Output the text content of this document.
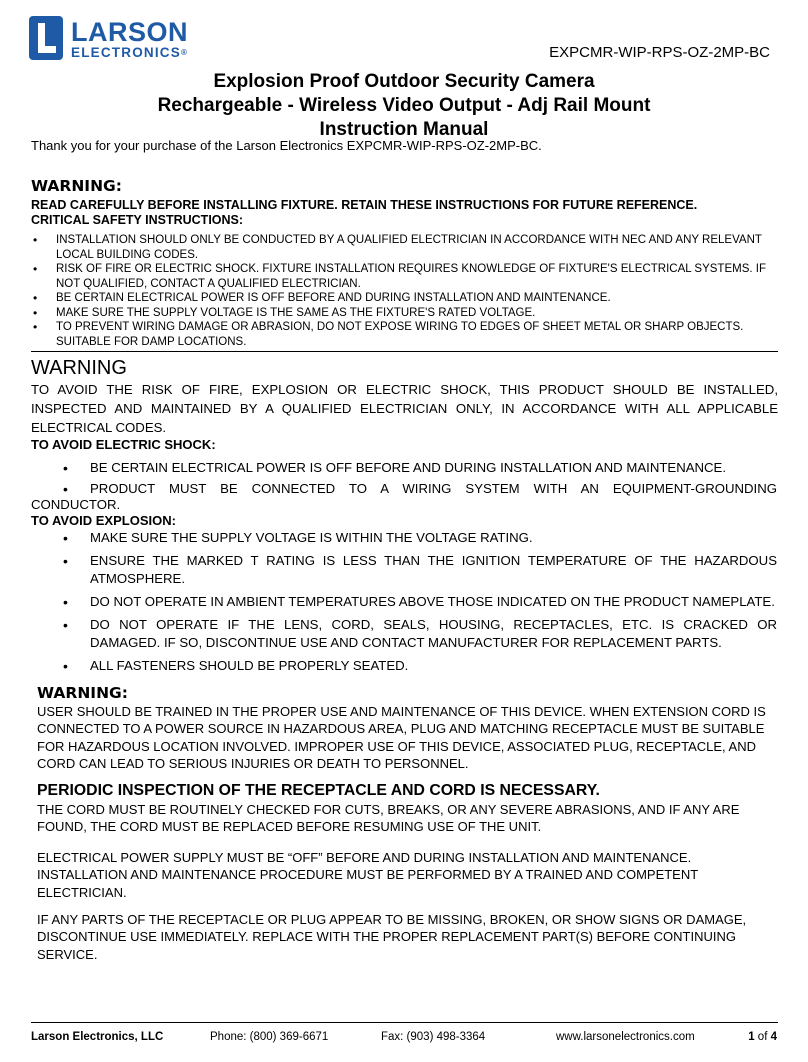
LARSON
ELECTRONICS®	EXPCMR-WIP-RPS-OZ-2MP-BC
Explosion Proof Outdoor Security Camera
Rechargeable - Wireless Video Output - Adj Rail Mount
Instruction Manual
Thank you for your purchase of the Larson Electronics EXPCMR-WIP-RPS-OZ-2MP-BC.
WARNING:
READ CAREFULLY BEFORE INSTALLING FIXTURE. RETAIN THESE INSTRUCTIONS FOR FUTURE REFERENCE.
CRITICAL SAFETY INSTRUCTIONS:
• INSTALLATION SHOULD ONLY BE CONDUCTED BY A QUALIFIED ELECTRICIAN IN ACCORDANCE WITH NEC AND ANY RELEVANT LOCAL BUILDING CODES.
• RISK OF FIRE OR ELECTRIC SHOCK. FIXTURE INSTALLATION REQUIRES KNOWLEDGE OF FIXTURE'S ELECTRICAL SYSTEMS. IF NOT QUALIFIED, CONTACT A QUALIFIED ELECTRICIAN.
• BE CERTAIN ELECTRICAL POWER IS OFF BEFORE AND DURING INSTALLATION AND MAINTENANCE.
• MAKE SURE THE SUPPLY VOLTAGE IS THE SAME AS THE FIXTURE'S RATED VOLTAGE.
• TO PREVENT WIRING DAMAGE OR ABRASION, DO NOT EXPOSE WIRING TO EDGES OF SHEET METAL OR SHARP OBJECTS. SUITABLE FOR DAMP LOCATIONS.
WARNING
TO AVOID THE RISK OF FIRE, EXPLOSION OR ELECTRIC SHOCK, THIS PRODUCT SHOULD BE INSTALLED, INSPECTED AND MAINTAINED BY A QUALIFIED ELECTRICIAN ONLY, IN ACCORDANCE WITH ALL APPLICABLE ELECTRICAL CODES.
TO AVOID ELECTRIC SHOCK:
• BE CERTAIN ELECTRICAL POWER IS OFF BEFORE AND DURING INSTALLATION AND MAINTENANCE.
• PRODUCT MUST BE CONNECTED TO A WIRING SYSTEM WITH AN EQUIPMENT-GROUNDING
CONDUCTOR.
TO AVOID EXPLOSION:
• MAKE SURE THE SUPPLY VOLTAGE IS WITHIN THE VOLTAGE RATING.
• ENSURE THE MARKED T RATING IS LESS THAN THE IGNITION TEMPERATURE OF THE HAZARDOUS ATMOSPHERE.
• DO NOT OPERATE IN AMBIENT TEMPERATURES ABOVE THOSE INDICATED ON THE PRODUCT NAMEPLATE.
• DO NOT OPERATE IF THE LENS, CORD, SEALS, HOUSING, RECEPTACLES, ETC. IS CRACKED OR DAMAGED. IF SO, DISCONTINUE USE AND CONTACT MANUFACTURER FOR REPLACEMENT PARTS.
• ALL FASTENERS SHOULD BE PROPERLY SEATED.
WARNING:
USER SHOULD BE TRAINED IN THE PROPER USE AND MAINTENANCE OF THIS DEVICE. WHEN EXTENSION CORD IS CONNECTED TO A POWER SOURCE IN HAZARDOUS AREA, PLUG AND MATCHING RECEPTACLE MUST BE SUITABLE FOR HAZARDOUS LOCATION INVOLVED. IMPROPER USE OF THIS DEVICE, ASSOCIATED PLUG, RECEPTACLE, AND CORD CAN LEAD TO SERIOUS INJURIES OR DEATH TO PERSONNEL.
PERIODIC INSPECTION OF THE RECEPTACLE AND CORD IS NECESSARY.
THE CORD MUST BE ROUTINELY CHECKED FOR CUTS, BREAKS, OR ANY SEVERE ABRASIONS, AND IF ANY ARE FOUND, THE CORD MUST BE REPLACED BEFORE RESUMING USE OF THE UNIT.
ELECTRICAL POWER SUPPLY MUST BE “OFF” BEFORE AND DURING INSTALLATION AND MAINTENANCE. INSTALLATION AND MAINTENANCE PROCEDURE MUST BE PERFORMED BY A TRAINED AND COMPETENT ELECTRICIAN.
IF ANY PARTS OF THE RECEPTACLE OR PLUG APPEAR TO BE MISSING, BROKEN, OR SHOW SIGNS OR DAMAGE, DISCONTINUE USE IMMEDIATELY. REPLACE WITH THE PROPER REPLACEMENT PART(S) BEFORE CONTINUING SERVICE.
Larson Electronics, LLC	Phone: (800) 369-6671	Fax: (903) 498-3364	www.larsonelectronics.com	1 of 4
